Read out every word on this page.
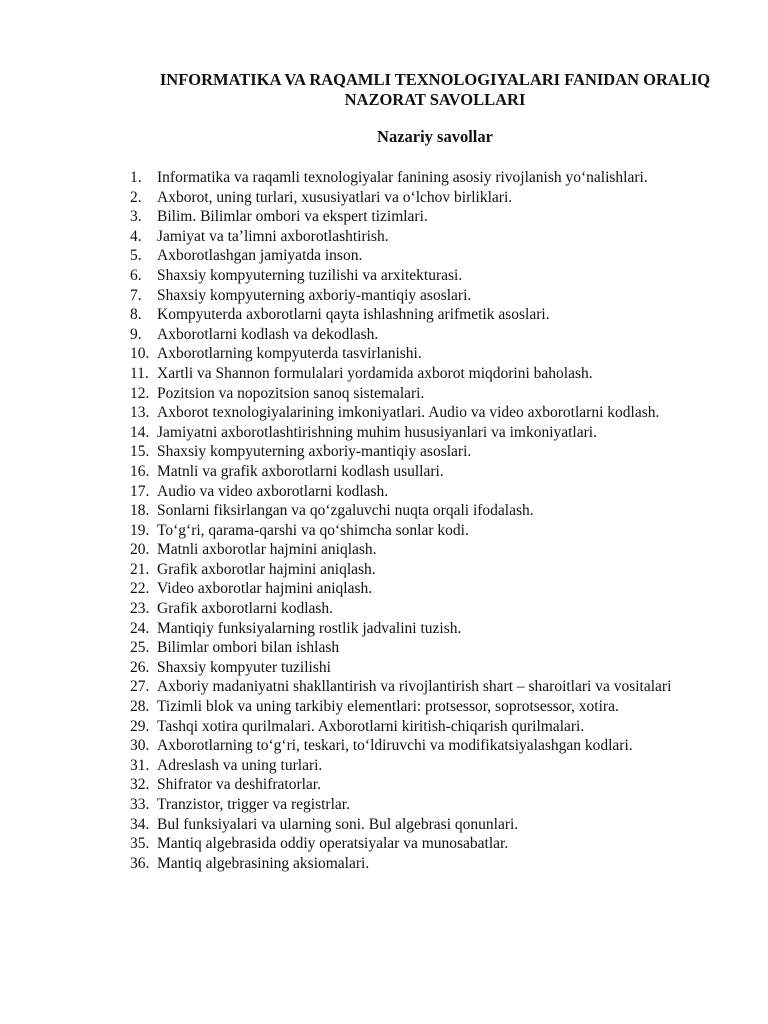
INFORMATIKA VA RAQAMLI TEXNOLOGIYALARI FANIDAN ORALIQ NAZORAT SAVOLLARI
Nazariy savollar
1. Informatika va raqamli texnologiyalar fanining asosiy rivojlanish yo‘nalishlari.
2. Axborot, uning turlari, xususiyatlari va o‘lchov birliklari.
3. Bilim. Bilimlar ombori va ekspert tizimlari.
4. Jamiyat va ta’limni axborotlashtirish.
5. Axborotlashgan jamiyatda inson.
6. Shaxsiy kompyuterning tuzilishi va arxitekturasi.
7. Shaxsiy kompyuterning axboriy-mantiqiy asoslari.
8. Kompyuterda axborotlarni qayta ishlashning arifmetik asoslari.
9. Axborotlarni kodlash va dekodlash.
10. Axborotlarning kompyuterda tasvirlanishi.
11. Xartli va Shannon formulalari yordamida axborot miqdorini baholash.
12. Pozitsion va nopozitsion sanoq sistemalari.
13. Axborot texnologiyalarining imkoniyatlari. Audio va video axborotlarni kodlash.
14. Jamiyatni axborotlashtirishning muhim hususiyanlari va imkoniyatlari.
15. Shaxsiy kompyuterning axboriy-mantiqiy asoslari.
16. Matnli va grafik axborotlarni kodlash usullari.
17. Audio va video axborotlarni kodlash.
18. Sonlarni fiksirlangan va qo‘zgaluvchi nuqta orqali ifodalash.
19. To‘g‘ri, qarama-qarshi va qo‘shimcha sonlar kodi.
20. Matnli axborotlar hajmini aniqlash.
21. Grafik axborotlar hajmini aniqlash.
22. Video axborotlar hajmini aniqlash.
23. Grafik axborotlarni kodlash.
24. Mantiqiy funksiyalarning rostlik jadvalini tuzish.
25. Bilimlar ombori bilan ishlash
26. Shaxsiy kompyuter tuzilishi
27. Axboriy madaniyatni shakllantirish va rivojlantirish shart – sharoitlari va vositalari
28. Tizimli blok va uning tarkibiy elementlari: protsessor, soprotsessor, xotira.
29. Tashqi xotira qurilmalari. Axborotlarni kiritish-chiqarish qurilmalari.
30. Axborotlarning to‘g‘ri, teskari, to‘ldiruvchi va modifikatsiyalashgan kodlari.
31. Adreslash va uning turlari.
32. Shifrator va deshifratorlar.
33. Tranzistor, trigger va registrlar.
34. Bul funksiyalari va ularning soni. Bul algebrasi qonunlari.
35. Mantiq algebrasida oddiy operatsiyalar va munosabatlar.
36. Mantiq algebrasining aksiomalari.
